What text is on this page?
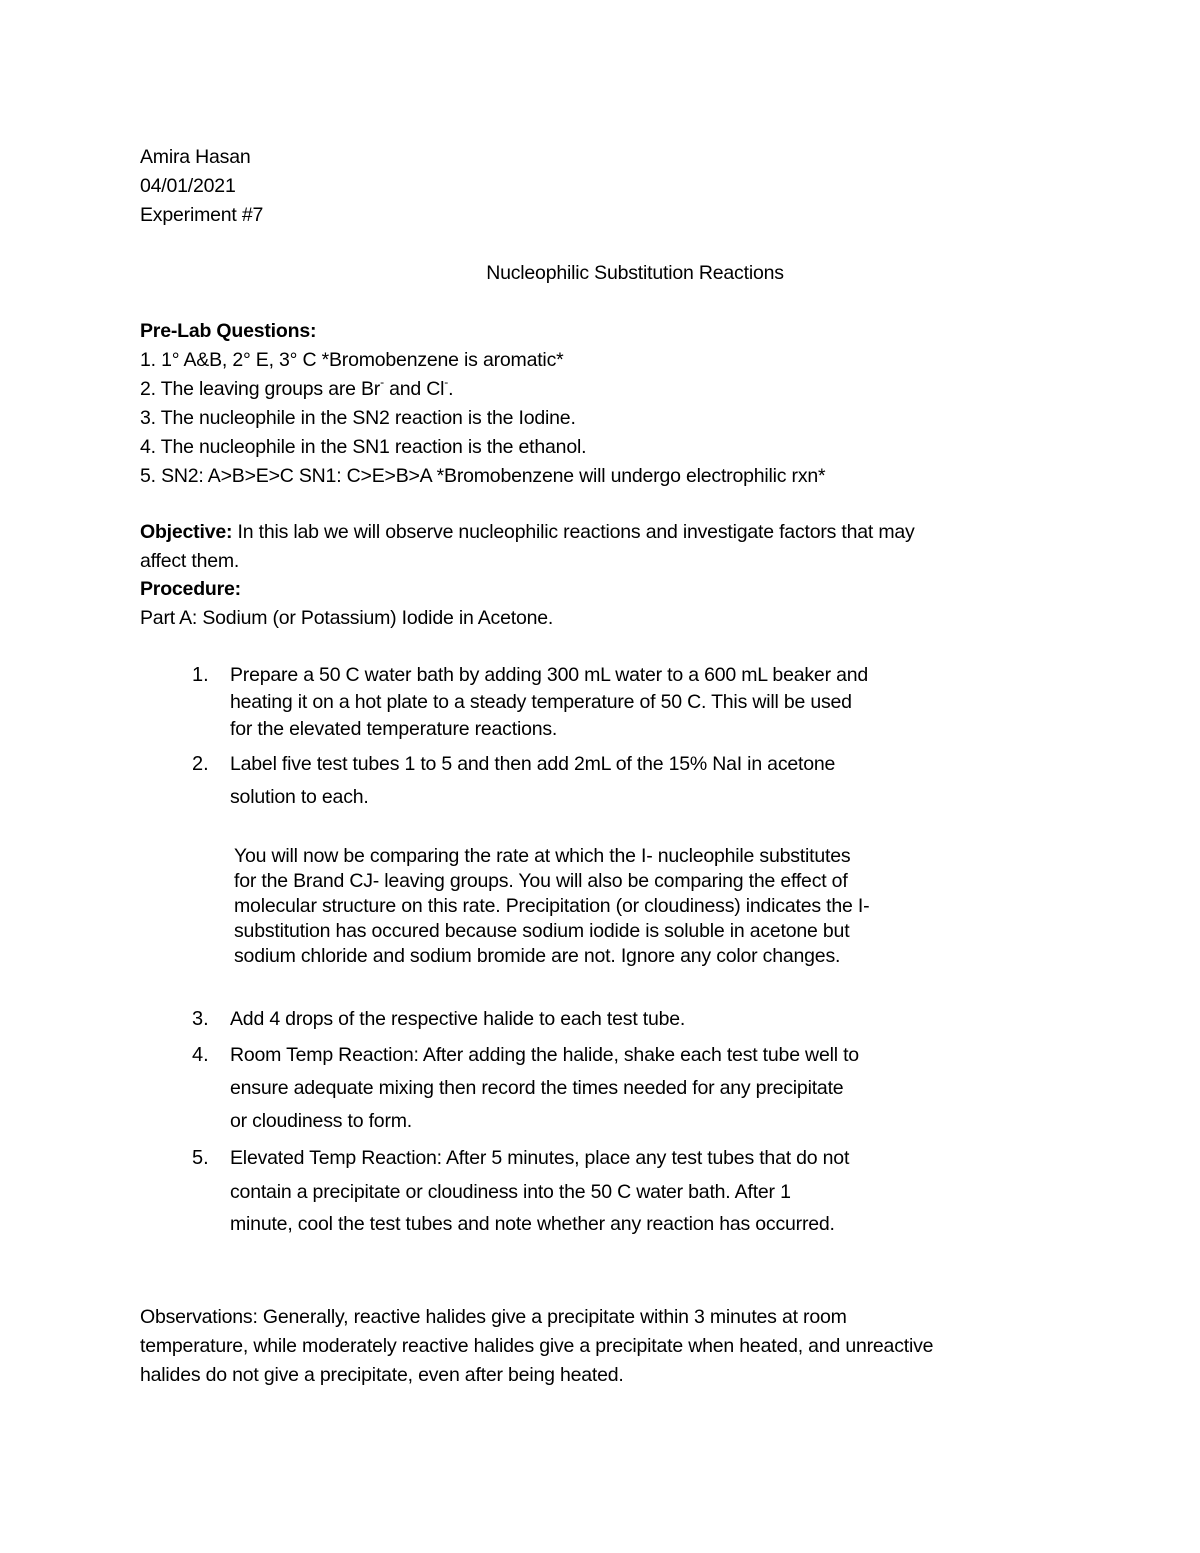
Amira Hasan
04/01/2021
Experiment #7
Nucleophilic Substitution Reactions
Pre-Lab Questions:
1. 1° A&B, 2° E, 3° C *Bromobenzene is aromatic*
2. The leaving groups are Br- and Cl-.
3. The nucleophile in the SN2 reaction is the Iodine.
4. The nucleophile in the SN1 reaction is the ethanol.
5. SN2: A>B>E>C SN1: C>E>B>A *Bromobenzene will undergo electrophilic rxn*
Objective: In this lab we will observe nucleophilic reactions and investigate factors that may
affect them.
Procedure:
Part A: Sodium (or Potassium) Iodide in Acetone.
1. Prepare a 50 C water bath by adding 300 mL water to a 600 mL beaker and
heating it on a hot plate to a steady temperature of 50 C. This will be used
for the elevated temperature reactions.
2. Label five test tubes 1 to 5 and then add 2mL of the 15% NaI in acetone
solution to each.
You will now be comparing the rate at which the I- nucleophile substitutes
for the Brand CJ- leaving groups. You will also be comparing the effect of
molecular structure on this rate. Precipitation (or cloudiness) indicates the I-
substitution has occured because sodium iodide is soluble in acetone but
sodium chloride and sodium bromide are not. Ignore any color changes.
3. Add 4 drops of the respective halide to each test tube.
4. Room Temp Reaction: After adding the halide, shake each test tube well to
ensure adequate mixing then record the times needed for any precipitate
or cloudiness to form.
5. Elevated Temp Reaction: After 5 minutes, place any test tubes that do not
contain a precipitate or cloudiness into the 50 C water bath. After 1
minute, cool the test tubes and note whether any reaction has occurred.
Observations: Generally, reactive halides give a precipitate within 3 minutes at room
temperature, while moderately reactive halides give a precipitate when heated, and unreactive
halides do not give a precipitate, even after being heated.
